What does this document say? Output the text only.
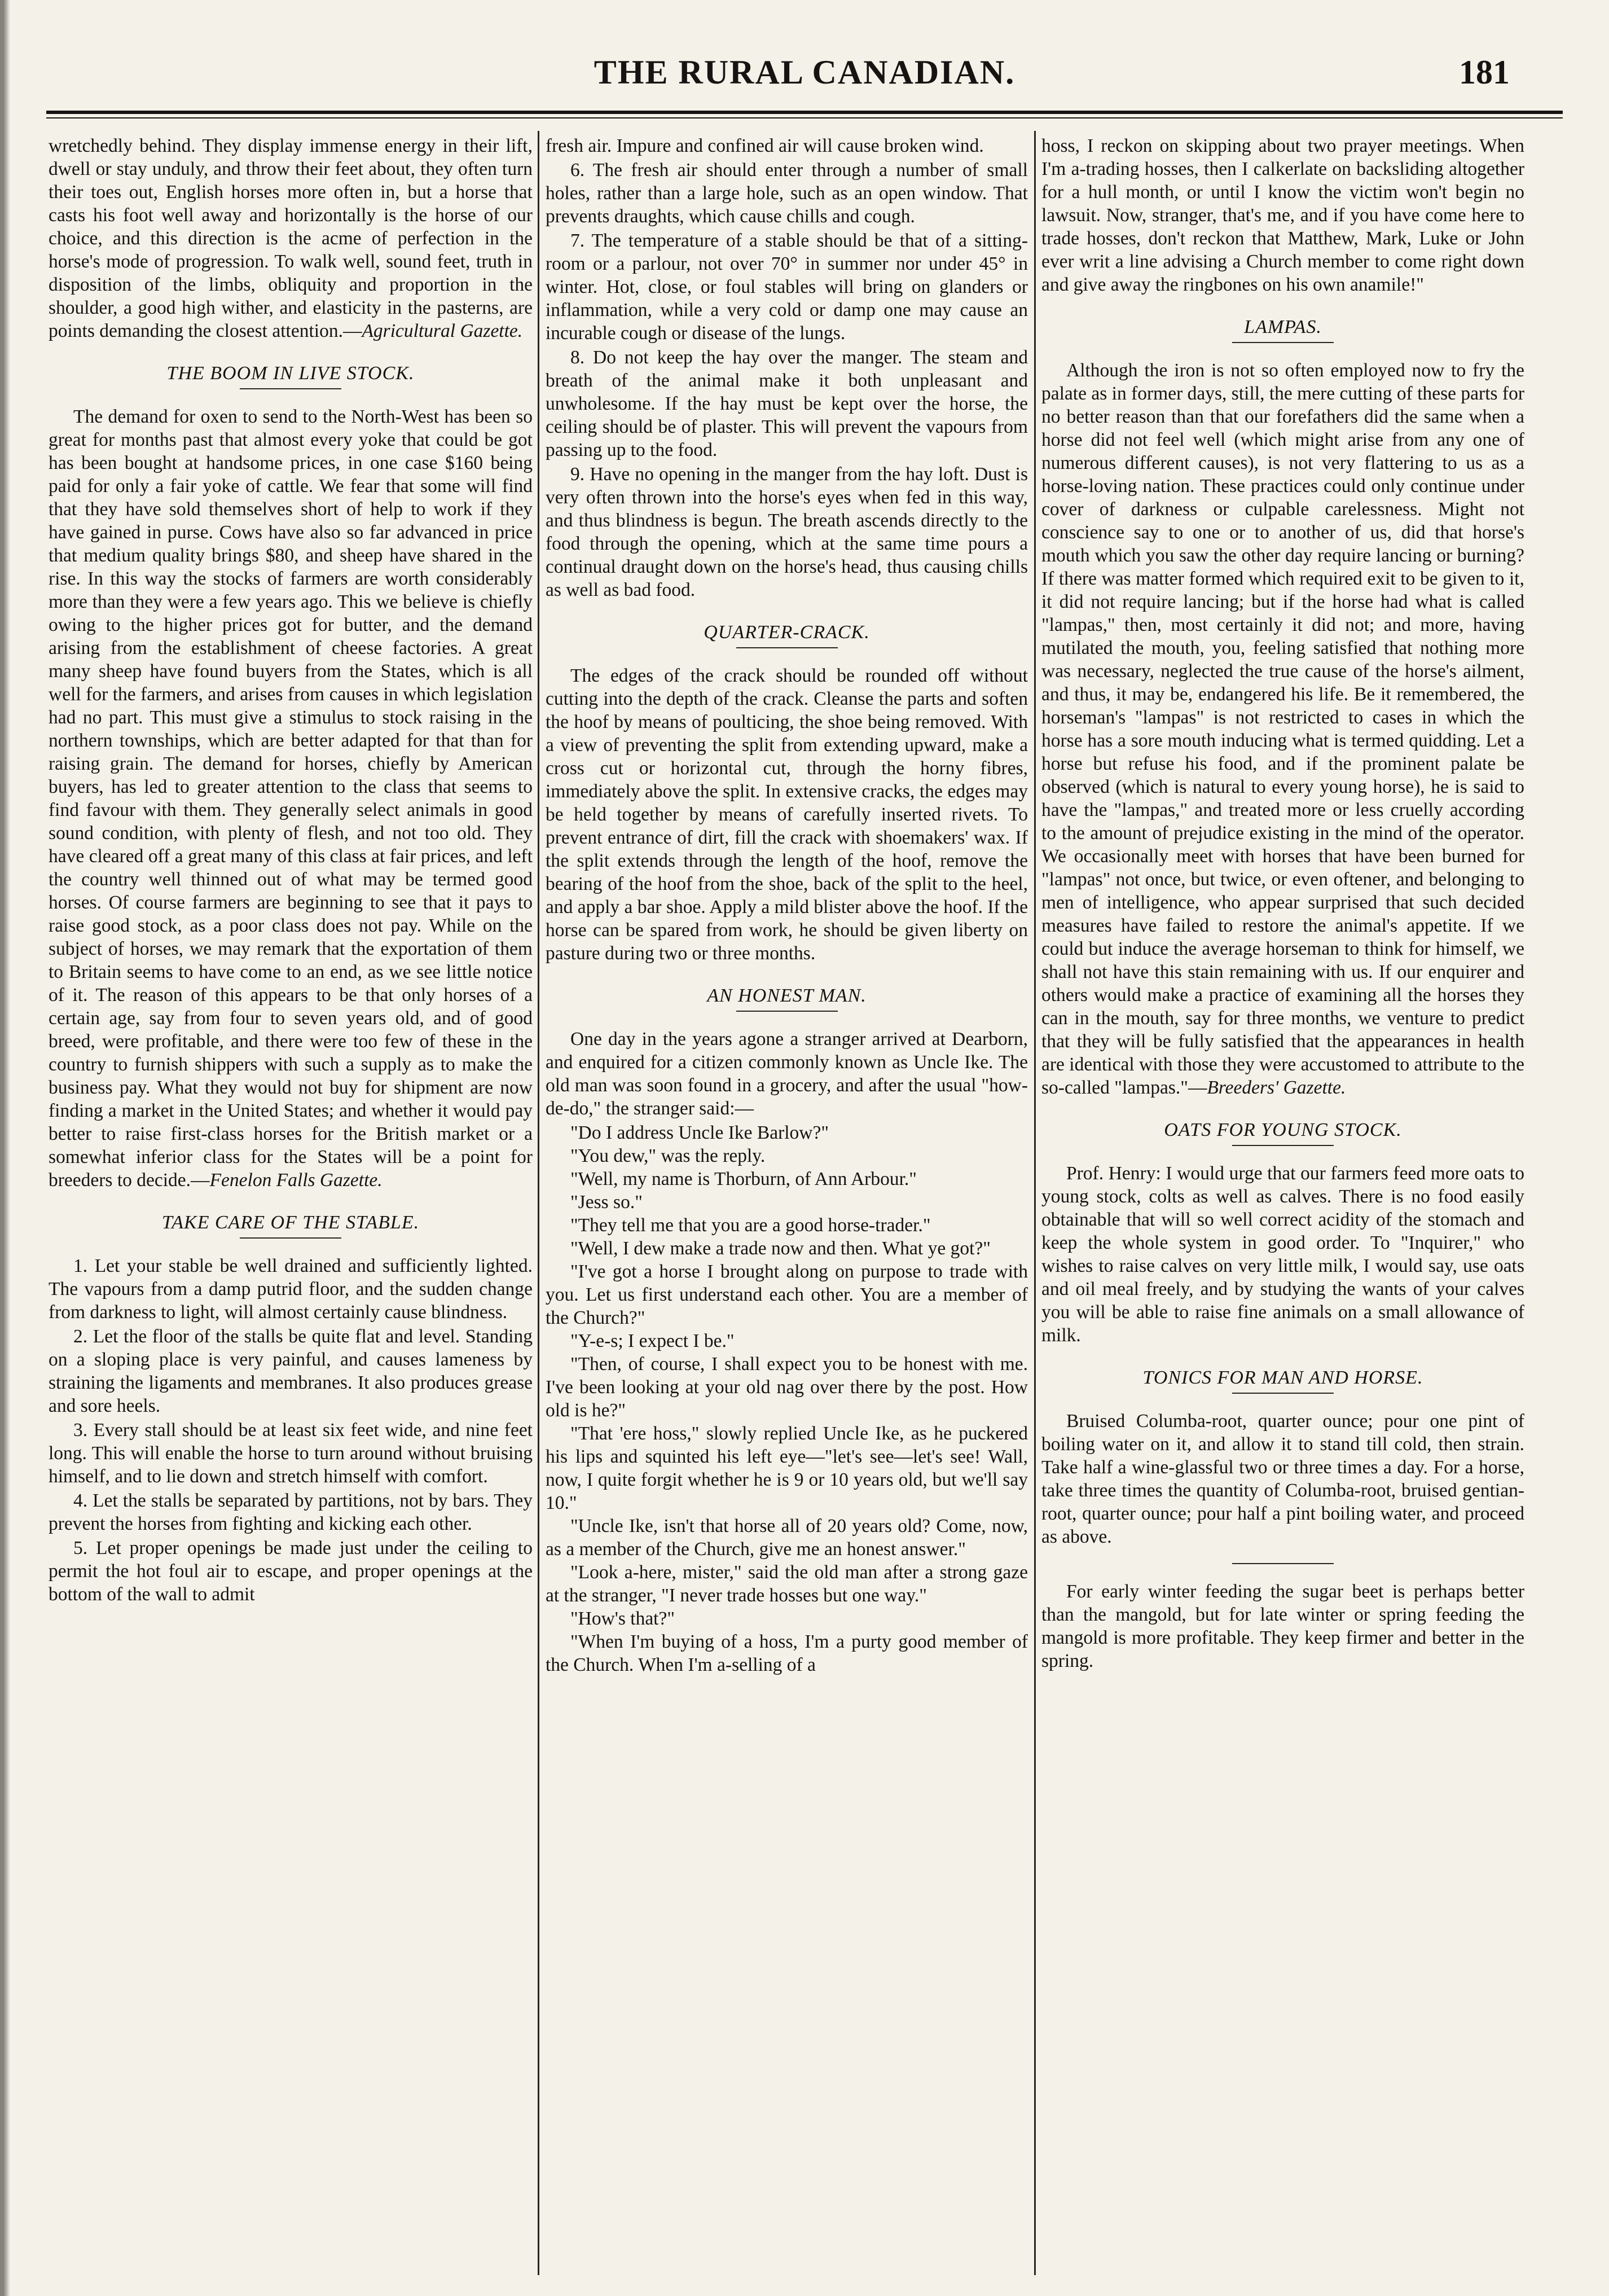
THE RURAL CANADIAN.	181

wretchedly behind. They display immense energy in their lift, dwell or stay unduly, and throw their feet about, they often turn their toes out, English horses more often in, but a horse that casts his foot well away and horizontally is the horse of our choice, and this direction is the acme of perfection in the horse's mode of progression. To walk well, sound feet, truth in disposition of the limbs, obliquity and proportion in the shoulder, a good high wither, and elasticity in the pasterns, are points demanding the closest attention.—Agricultural Gazette.

THE BOOM IN LIVE STOCK.

The demand for oxen to send to the North-West has been so great for months past that almost every yoke that could be got has been bought at handsome prices, in one case $160 being paid for only a fair yoke of cattle. We fear that some will find that they have sold themselves short of help to work if they have gained in purse. Cows have also so far advanced in price that medium quality brings $80, and sheep have shared in the rise. In this way the stocks of farmers are worth considerably more than they were a few years ago. This we believe is chiefly owing to the higher prices got for butter, and the demand arising from the establishment of cheese factories. A great many sheep have found buyers from the States, which is all well for the farmers, and arises from causes in which legislation had no part. This must give a stimulus to stock raising in the northern townships, which are better adapted for that than for raising grain. The demand for horses, chiefly by American buyers, has led to greater attention to the class that seems to find favour with them. They generally select animals in good sound condition, with plenty of flesh, and not too old. They have cleared off a great many of this class at fair prices, and left the country well thinned out of what may be termed good horses. Of course farmers are beginning to see that it pays to raise good stock, as a poor class does not pay. While on the subject of horses, we may remark that the exportation of them to Britain seems to have come to an end, as we see little notice of it. The reason of this appears to be that only horses of a certain age, say from four to seven years old, and of good breed, were profitable, and there were too few of these in the country to furnish shippers with such a supply as to make the business pay. What they would not buy for shipment are now finding a market in the United States; and whether it would pay better to raise first-class horses for the British market or a somewhat inferior class for the States will be a point for breeders to decide.—Fenelon Falls Gazette.

TAKE CARE OF THE STABLE.

1. Let your stable be well drained and sufficiently lighted. The vapours from a damp putrid floor, and the sudden change from darkness to light, will almost certainly cause blindness.

2. Let the floor of the stalls be quite flat and level. Standing on a sloping place is very painful, and causes lameness by straining the ligaments and membranes. It also produces grease and sore heels.

3. Every stall should be at least six feet wide, and nine feet long. This will enable the horse to turn around without bruising himself, and to lie down and stretch himself with comfort.

4. Let the stalls be separated by partitions, not by bars. They prevent the horses from fighting and kicking each other.

5. Let proper openings be made just under the ceiling to permit the hot foul air to escape, and proper openings at the bottom of the wall to admit

fresh air. Impure and confined air will cause broken wind.

6. The fresh air should enter through a number of small holes, rather than a large hole, such as an open window. That prevents draughts, which cause chills and cough.

7. The temperature of a stable should be that of a sitting-room or a parlour, not over 70° in summer nor under 45° in winter. Hot, close, or foul stables will bring on glanders or inflammation, while a very cold or damp one may cause an incurable cough or disease of the lungs.

8. Do not keep the hay over the manger. The steam and breath of the animal make it both unpleasant and unwholesome. If the hay must be kept over the horse, the ceiling should be of plaster. This will prevent the vapours from passing up to the food.

9. Have no opening in the manger from the hay loft. Dust is very often thrown into the horse's eyes when fed in this way, and thus blindness is begun. The breath ascends directly to the food through the opening, which at the same time pours a continual draught down on the horse's head, thus causing chills as well as bad food.

QUARTER-CRACK.

The edges of the crack should be rounded off without cutting into the depth of the crack. Cleanse the parts and soften the hoof by means of poulticing, the shoe being removed. With a view of preventing the split from extending upward, make a cross cut or horizontal cut, through the horny fibres, immediately above the split. In extensive cracks, the edges may be held together by means of carefully inserted rivets. To prevent entrance of dirt, fill the crack with shoemakers' wax. If the split extends through the length of the hoof, remove the bearing of the hoof from the shoe, back of the split to the heel, and apply a bar shoe. Apply a mild blister above the hoof. If the horse can be spared from work, he should be given liberty on pasture during two or three months.

AN HONEST MAN.

One day in the years agone a stranger arrived at Dearborn, and enquired for a citizen commonly known as Uncle Ike. The old man was soon found in a grocery, and after the usual "how-de-do," the stranger said:—

"Do I address Uncle Ike Barlow?"

"You dew," was the reply.

"Well, my name is Thorburn, of Ann Arbour."

"Jess so."

"They tell me that you are a good horse-trader."

"Well, I dew make a trade now and then. What ye got?"

"I've got a horse I brought along on purpose to trade with you. Let us first understand each other. You are a member of the Church?"

"Y-e-s; I expect I be."

"Then, of course, I shall expect you to be honest with me. I've been looking at your old nag over there by the post. How old is he?"

"That 'ere hoss," slowly replied Uncle Ike, as he puckered his lips and squinted his left eye—"let's see—let's see! Wall, now, I quite forgit whether he is 9 or 10 years old, but we'll say 10."

"Uncle Ike, isn't that horse all of 20 years old? Come, now, as a member of the Church, give me an honest answer."

"Look a-here, mister," said the old man after a strong gaze at the stranger, "I never trade hosses but one way."

"How's that?"

"When I'm buying of a hoss, I'm a purty good member of the Church. When I'm a-selling of a

hoss, I reckon on skipping about two prayer meetings. When I'm a-trading hosses, then I calkerlate on backsliding altogether for a hull month, or until I know the victim won't begin no lawsuit. Now, stranger, that's me, and if you have come here to trade hosses, don't reckon that Matthew, Mark, Luke or John ever writ a line advising a Church member to come right down and give away the ringbones on his own anamile!"

LAMPAS.

Although the iron is not so often employed now to fry the palate as in former days, still, the mere cutting of these parts for no better reason than that our forefathers did the same when a horse did not feel well (which might arise from any one of numerous different causes), is not very flattering to us as a horse-loving nation. These practices could only continue under cover of darkness or culpable carelessness. Might not conscience say to one or to another of us, did that horse's mouth which you saw the other day require lancing or burning? If there was matter formed which required exit to be given to it, it did not require lancing; but if the horse had what is called "lampas," then, most certainly it did not; and more, having mutilated the mouth, you, feeling satisfied that nothing more was necessary, neglected the true cause of the horse's ailment, and thus, it may be, endangered his life. Be it remembered, the horseman's "lampas" is not restricted to cases in which the horse has a sore mouth inducing what is termed quidding. Let a horse but refuse his food, and if the prominent palate be observed (which is natural to every young horse), he is said to have the "lampas," and treated more or less cruelly according to the amount of prejudice existing in the mind of the operator. We occasionally meet with horses that have been burned for "lampas" not once, but twice, or even oftener, and belonging to men of intelligence, who appear surprised that such decided measures have failed to restore the animal's appetite. If we could but induce the average horseman to think for himself, we shall not have this stain remaining with us. If our enquirer and others would make a practice of examining all the horses they can in the mouth, say for three months, we venture to predict that they will be fully satisfied that the appearances in health are identical with those they were accustomed to attribute to the so-called "lampas."—Breeders' Gazette.

OATS FOR YOUNG STOCK.

Prof. Henry: I would urge that our farmers feed more oats to young stock, colts as well as calves. There is no food easily obtainable that will so well correct acidity of the stomach and keep the whole system in good order. To "Inquirer," who wishes to raise calves on very little milk, I would say, use oats and oil meal freely, and by studying the wants of your calves you will be able to raise fine animals on a small allowance of milk.

TONICS FOR MAN AND HORSE.

Bruised Columba-root, quarter ounce; pour one pint of boiling water on it, and allow it to stand till cold, then strain. Take half a wine-glassful two or three times a day. For a horse, take three times the quantity of Columba-root, bruised gentian-root, quarter ounce; pour half a pint boiling water, and proceed as above.

For early winter feeding the sugar beet is perhaps better than the mangold, but for late winter or spring feeding the mangold is more profitable. They keep firmer and better in the spring.
